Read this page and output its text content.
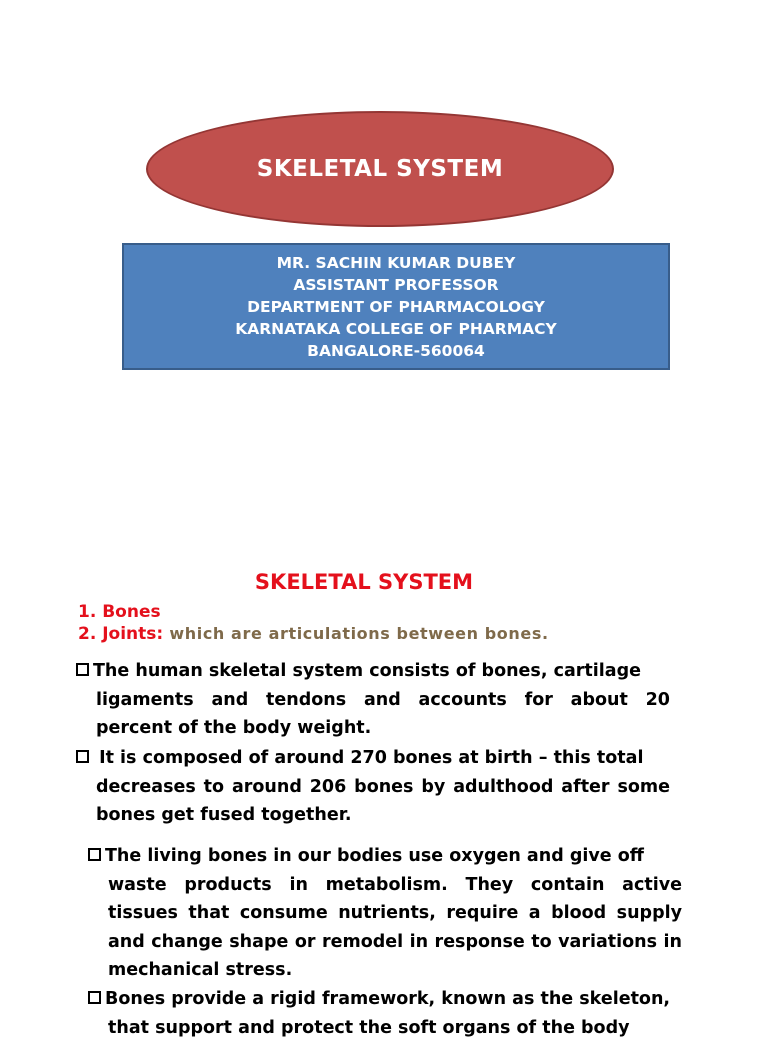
SKELETAL SYSTEM
MR. SACHIN KUMAR DUBEY
ASSISTANT PROFESSOR
DEPARTMENT OF PHARMACOLOGY
KARNATAKA COLLEGE OF PHARMACY
BANGALORE-560064
SKELETAL SYSTEM
1. Bones
2. Joints: which are articulations between bones.
The human skeletal system consists of bones, cartilage
ligaments and tendons and accounts for about 20 percent of the body weight.
It is composed of around 270 bones at birth – this total
decreases to around 206 bones by adulthood after some bones get fused together.
The living bones in our bodies use oxygen and give off
waste products in metabolism. They contain active tissues that consume nutrients, require a blood supply and change shape or remodel in response to variations in mechanical stress.
Bones provide a rigid framework, known as the skeleton,
that support and protect the soft organs of the body
